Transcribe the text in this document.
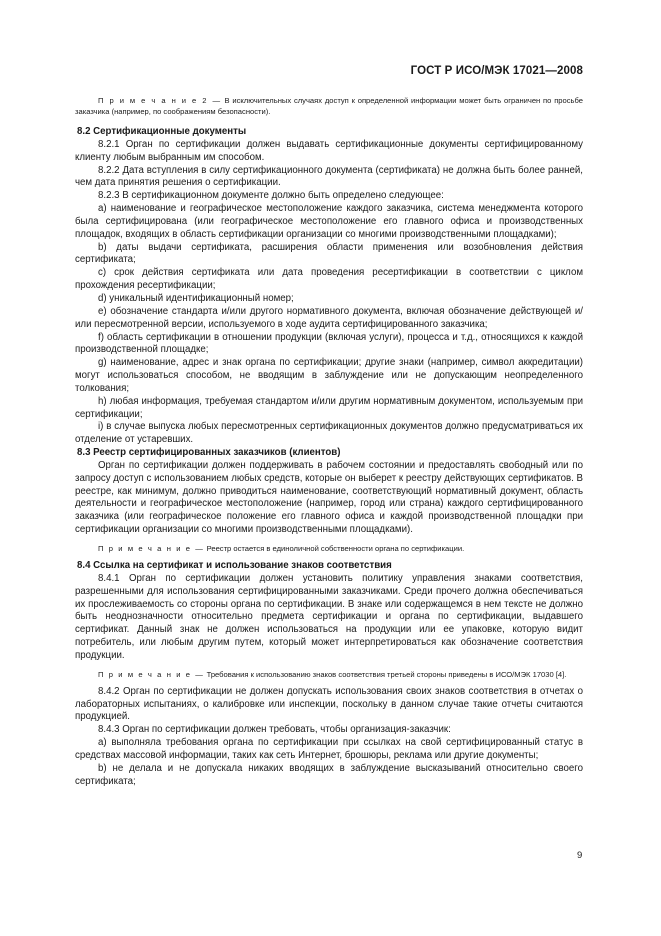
ГОСТ Р ИСО/МЭК 17021—2008

П р и м е ч а н и е 2 — В исключительных случаях доступ к определенной информации может быть ограничен по просьбе заказчика (например, по соображениям безопасности).

8.2 Сертификационные документы

8.2.1 Орган по сертификации должен выдавать сертификационные документы сертифицированному клиенту любым выбранным им способом.

8.2.2 Дата вступления в силу сертификационного документа (сертификата) не должна быть более ранней, чем дата принятия решения о сертификации.

8.2.3 В сертификационном документе должно быть определено следующее:

а) наименование и географическое местоположение каждого заказчика, система менеджмента которого была сертифицирована (или географическое местоположение его главного офиса и производственных площадок, входящих в область сертификации организации со многими производственными площадками);

b) даты выдачи сертификата, расширения области применения или возобновления действия сертификата;

с) срок действия сертификата или дата проведения ресертификации в соответствии с циклом прохождения ресертификации;

d) уникальный идентификационный номер;

е) обозначение стандарта и/или другого нормативного документа, включая обозначение действующей и/или пересмотренной версии, используемого в ходе аудита сертифицированного заказчика;

f) область сертификации в отношении продукции (включая услуги), процесса и т.д., относящихся к каждой производственной площадке;

g) наименование, адрес и знак органа по сертификации; другие знаки (например, символ аккредитации) могут использоваться способом, не вводящим в заблуждение или не допускающим неопределенного толкования;

h) любая информация, требуемая стандартом и/или другим нормативным документом, используемым при сертификации;

i) в случае выпуска любых пересмотренных сертификационных документов должно предусматриваться их отделение от устаревших.

8.3 Реестр сертифицированных заказчиков (клиентов)

Орган по сертификации должен поддерживать в рабочем состоянии и предоставлять свободный или по запросу доступ с использованием любых средств, которые он выберет к реестру действующих сертификатов. В реестре, как минимум, должно приводиться наименование, соответствующий нормативный документ, область деятельности и географическое местоположение (например, город или страна) каждого сертифицированного заказчика (или географическое положение его главного офиса и каждой производственной площадки при сертификации организации со многими производственными площадками).

П р и м е ч а н и е — Реестр остается в единоличной собственности органа по сертификации.

8.4 Ссылка на сертификат и использование знаков соответствия

8.4.1 Орган по сертификации должен установить политику управления знаками соответствия, разрешенными для использования сертифицированными заказчиками. Среди прочего должна обеспечиваться их прослеживаемость со стороны органа по сертификации. В знаке или содержащемся в нем тексте не должно быть неоднозначности относительно предмета сертификации и органа по сертификации, выдавшего сертификат. Данный знак не должен использоваться на продукции или ее упаковке, которую видит потребитель, или любым другим путем, который может интерпретироваться как обозначение соответствия продукции.

П р и м е ч а н и е — Требования к использованию знаков соответствия третьей стороны приведены в ИСО/МЭК 17030 [4].

8.4.2 Орган по сертификации не должен допускать использования своих знаков соответствия в отчетах о лабораторных испытаниях, о калибровке или инспекции, поскольку в данном случае такие отчеты считаются продукцией.

8.4.3 Орган по сертификации должен требовать, чтобы организация-заказчик:

а) выполняла требования органа по сертификации при ссылках на свой сертифицированный статус в средствах массовой информации, таких как сеть Интернет, брошюры, реклама или другие документы;

b) не делала и не допускала никаких вводящих в заблуждение высказываний относительно своего сертификата;

9
